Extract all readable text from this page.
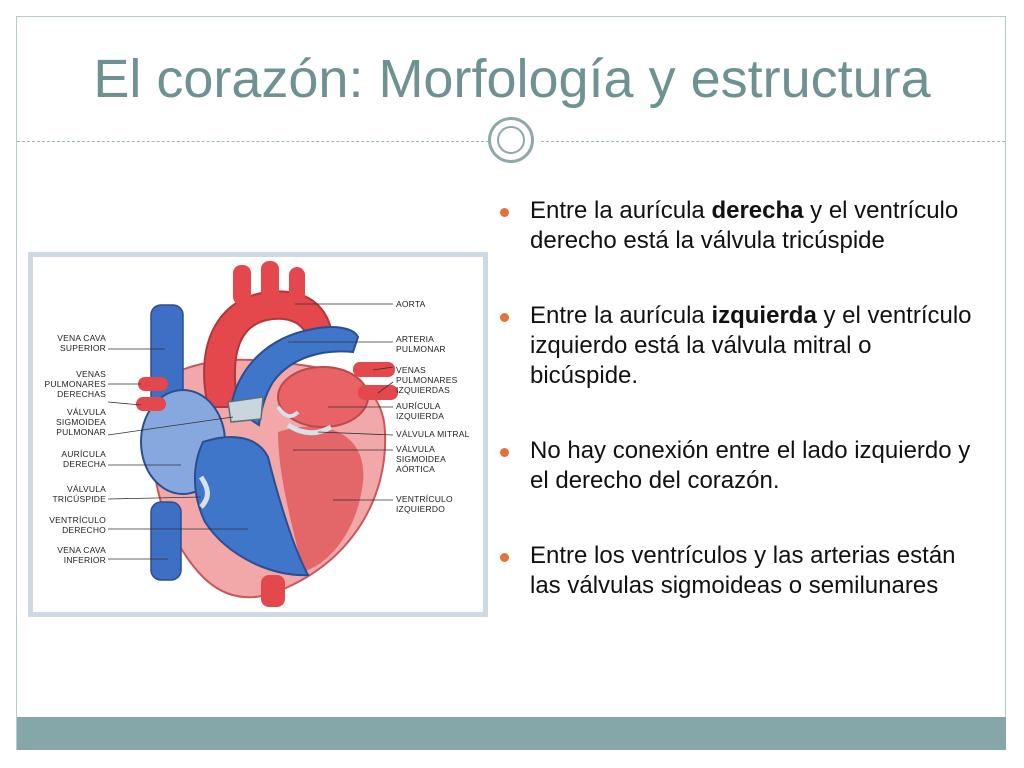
El corazón: Morfología y estructura
AORTA
ARTERIA
PULMONAR
VENAS
PULMONARES
IZQUIERDAS
AURÍCULA
IZQUIERDA
VÁLVULA MITRAL
VÁLVULA
SIGMOIDEA
AÓRTICA
VENTRÍCULO
IZQUIERDO
VENA CAVA
SUPERIOR
VENAS
PULMONARES
DERECHAS
VÁLVULA
SIGMOIDEA
PULMONAR
AURÍCULA
DERECHA
VÁLVULA
TRICÚSPIDE
VENTRÍCULO
DERECHO
VENA CAVA
INFERIOR
Entre la aurícula derecha y el ventrículo derecho está la válvula tricúspide
Entre la aurícula izquierda y el ventrículo izquierdo está la válvula mitral o bicúspide.
No hay conexión entre el lado izquierdo y el derecho del corazón.
Entre los ventrículos y las arterias están las válvulas sigmoideas o semilunares
